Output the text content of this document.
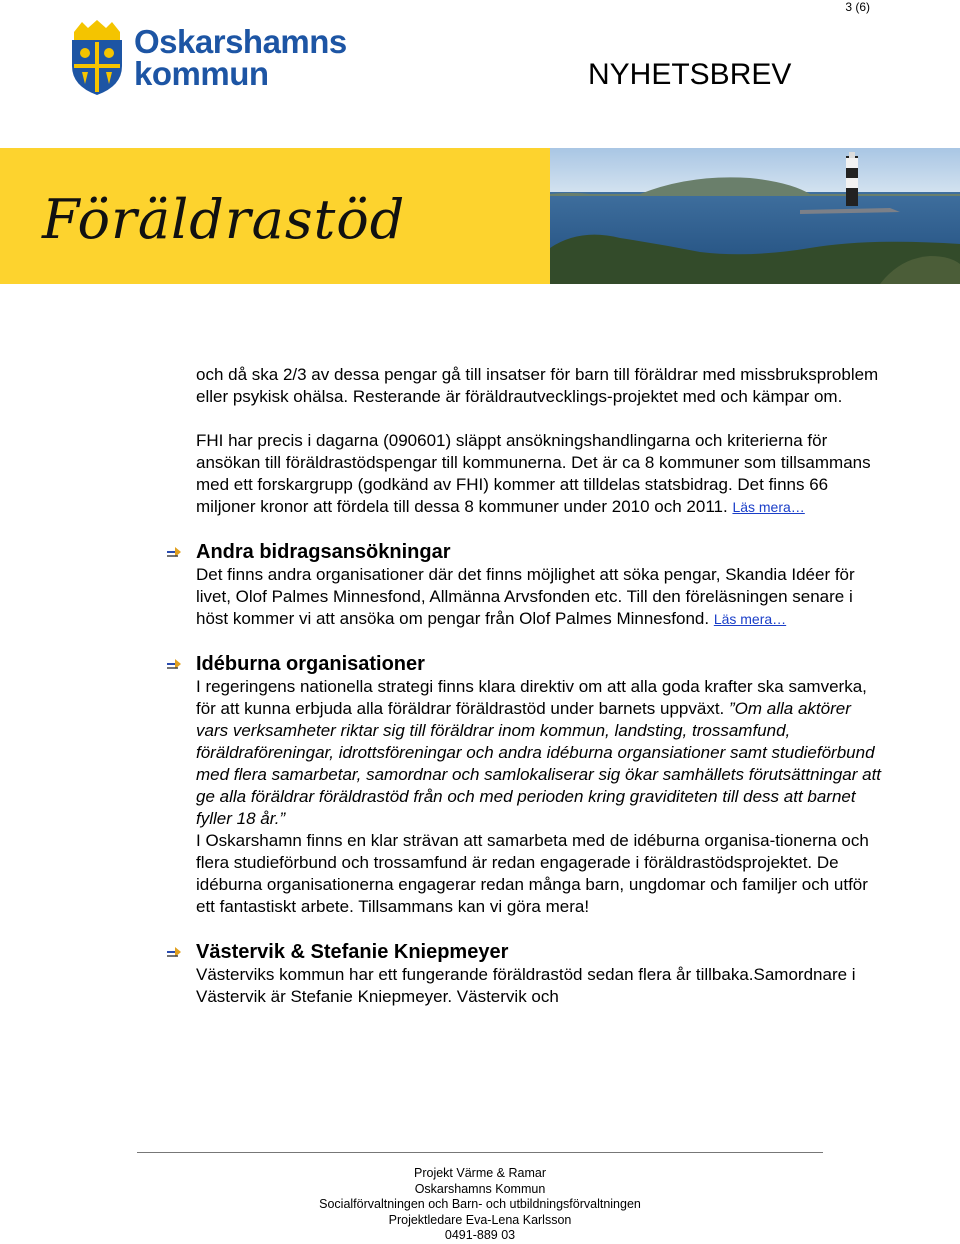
3 (6)
Oskarshamns
kommun	NYHETSBREV
Föräldrastöd

och då ska 2/3 av dessa pengar gå till insatser för barn till föräldrar med missbruksproblem eller psykisk ohälsa. Resterande är föräldrautvecklings-projektet med och kämpar om.

FHI har precis i dagarna (090601) släppt ansökningshandlingarna och kriterierna för ansökan till föräldrastödspengar till kommunerna. Det är ca 8 kommuner som tillsammans med ett forskargrupp (godkänd av FHI) kommer att tilldelas statsbidrag. Det finns 66 miljoner kronor att fördela till dessa 8 kommuner under 2010 och 2011. Läs mera…

Andra bidragsansökningar

Det finns andra organisationer där det finns möjlighet att söka pengar, Skandia Idéer för livet, Olof Palmes Minnesfond, Allmänna Arvsfonden etc. Till den föreläsningen senare i höst kommer vi att ansöka om pengar från Olof Palmes Minnesfond. Läs mera…

Idéburna organisationer

I regeringens nationella strategi finns klara direktiv om att alla goda krafter ska samverka, för att kunna erbjuda alla föräldrar föräldrastöd under barnets uppväxt. ”Om alla aktörer vars verksamheter riktar sig till föräldrar inom kommun, landsting, trossamfund, föräldraföreningar, idrottsföreningar och andra idéburna organsiationer samt studieförbund med flera samarbetar, samordnar och samlokaliserar sig ökar samhällets förutsättningar att ge alla föräldrar föräldrastöd från och med perioden kring graviditeten till dess att barnet fyller 18 år.”

I Oskarshamn finns en klar strävan att samarbeta med de idéburna organisa-tionerna och flera studieförbund och trossamfund är redan engagerade i föräldrastödsprojektet. De idéburna organisationerna engagerar redan många barn, ungdomar och familjer och utför ett fantastiskt arbete. Tillsammans kan vi göra mera!

Västervik & Stefanie Kniepmeyer

Västerviks kommun har ett fungerande föräldrastöd sedan flera år tillbaka.Samordnare i Västervik är Stefanie Kniepmeyer. Västervik och

Projekt Värme & Ramar
Oskarshamns Kommun
Socialförvaltningen och Barn- och utbildningsförvaltningen
Projektledare Eva-Lena Karlsson
0491-889 03
